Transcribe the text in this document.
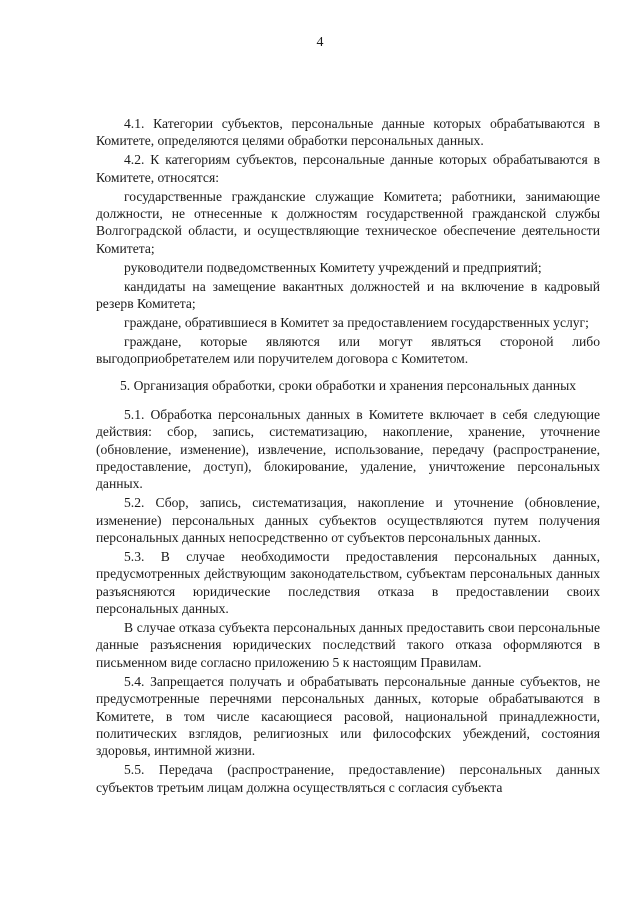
4

4.1. Категории субъектов, персональные данные которых обрабатываются в Комитете, определяются целями обработки персональных данных.

4.2. К категориям субъектов, персональные данные которых обрабатываются в Комитете, относятся:

государственные гражданские служащие Комитета; работники, занимающие должности, не отнесенные к должностям государственной гражданской службы Волгоградской области, и осуществляющие техническое обеспечение деятельности Комитета;

руководители подведомственных Комитету учреждений и предприятий;

кандидаты на замещение вакантных должностей и на включение в кадровый резерв Комитета;

граждане, обратившиеся в Комитет за предоставлением государственных услуг;

граждане, которые являются или могут являться стороной либо выгодоприобретателем или поручителем договора с Комитетом.

5. Организация обработки, сроки обработки и хранения персональных данных

5.1. Обработка персональных данных в Комитете включает в себя следующие действия: сбор, запись, систематизацию, накопление, хранение, уточнение (обновление, изменение), извлечение, использование, передачу (распространение, предоставление, доступ), блокирование, удаление, уничтожение персональных данных.

5.2. Сбор, запись, систематизация, накопление и уточнение (обновление, изменение) персональных данных субъектов осуществляются путем получения персональных данных непосредственно от субъектов персональных данных.

5.3. В случае необходимости предоставления персональных данных, предусмотренных действующим законодательством, субъектам персональных данных разъясняются юридические последствия отказа в предоставлении своих персональных данных.

В случае отказа субъекта персональных данных предоставить свои персональные данные разъяснения юридических последствий такого отказа оформляются в письменном виде согласно приложению 5 к настоящим Правилам.

5.4. Запрещается получать и обрабатывать персональные данные субъектов, не предусмотренные перечнями персональных данных, которые обрабатываются в Комитете, в том числе касающиеся расовой, национальной принадлежности, политических взглядов, религиозных или философских убеждений, состояния здоровья, интимной жизни.

5.5. Передача (распространение, предоставление) персональных данных субъектов третьим лицам должна осуществляться с согласия субъекта
